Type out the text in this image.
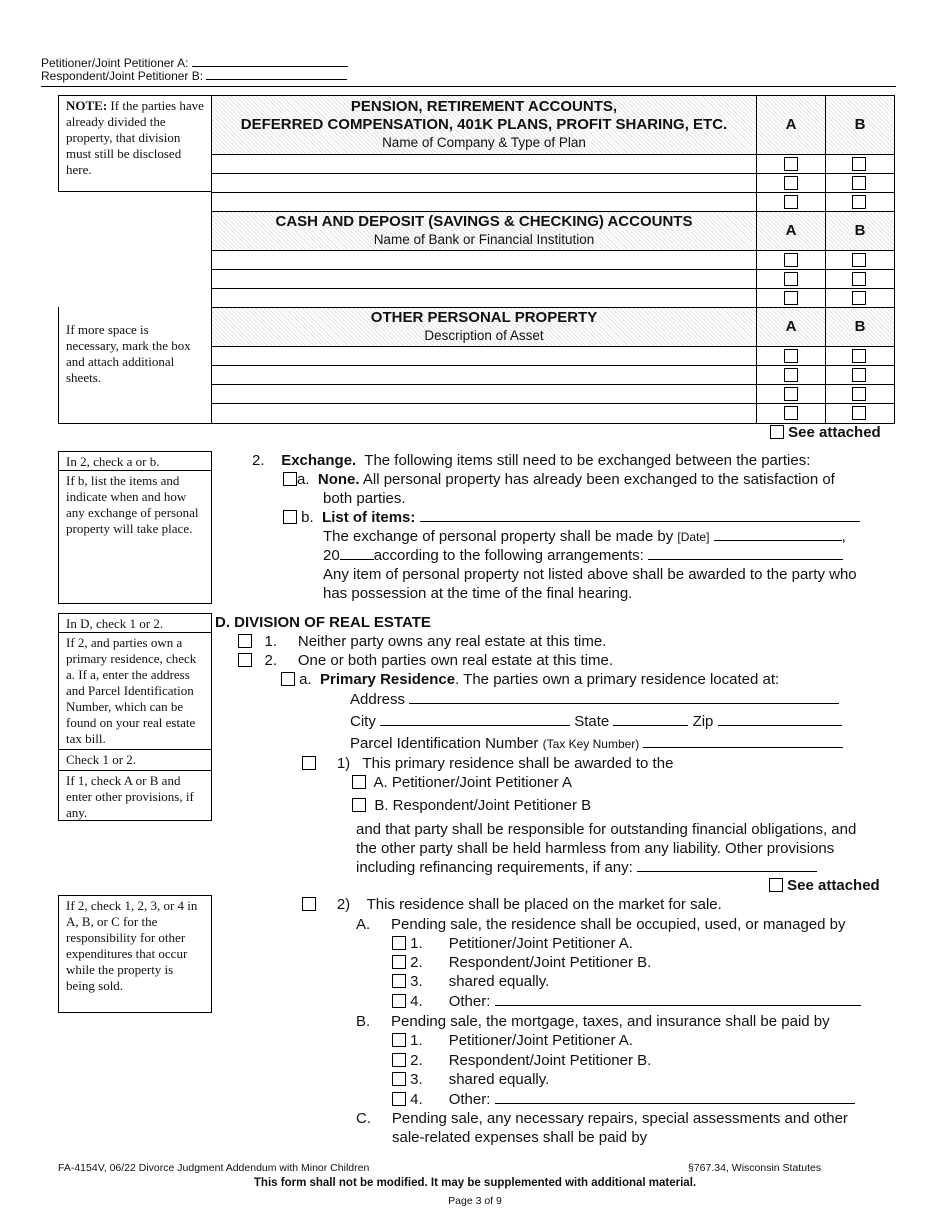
Petitioner/Joint Petitioner A:
Respondent/Joint Petitioner B:
NOTE: If the parties have already divided the property, that division must still be disclosed here.
PENSION, RETIREMENT ACCOUNTS,
DEFERRED COMPENSATION, 401K PLANS, PROFIT SHARING, ETC.
Name of Company & Type of Plan
A	B
CASH AND DEPOSIT (SAVINGS & CHECKING) ACCOUNTS
Name of Bank or Financial Institution
A	B
OTHER PERSONAL PROPERTY
Description of Asset
A	B
If more space is necessary, mark the box and attach additional sheets.
See attached
In 2, check a or b.
If b, list the items and indicate when and how any exchange of personal property will take place.
2. Exchange. The following items still need to be exchanged between the parties:
a. None. All personal property has already been exchanged to the satisfaction of
both parties.
b. List of items:
The exchange of personal property shall be made by [Date]	,
20 according to the following arrangements:
Any item of personal property not listed above shall be awarded to the party who
has possession at the time of the final hearing.
In D, check 1 or 2.
If 2, and parties own a primary residence, check a. If a, enter the address and Parcel Identification Number, which can be found on your real estate tax bill.
Check 1 or 2.
If 1, check A or B and enter other provisions, if any.
D. DIVISION OF REAL ESTATE
1. Neither party owns any real estate at this time.
2. One or both parties own real estate at this time.
a. Primary Residence. The parties own a primary residence located at:
Address
City	State	Zip
Parcel Identification Number (Tax Key Number)
1) This primary residence shall be awarded to the
A. Petitioner/Joint Petitioner A
B. Respondent/Joint Petitioner B
and that party shall be responsible for outstanding financial obligations, and
the other party shall be held harmless from any liability. Other provisions
including refinancing requirements, if any:
See attached
If 2, check 1, 2, 3, or 4 in A, B, or C for the responsibility for other expenditures that occur while the property is being sold.
2) This residence shall be placed on the market for sale.
A. Pending sale, the residence shall be occupied, used, or managed by
1. Petitioner/Joint Petitioner A.
2. Respondent/Joint Petitioner B.
3. shared equally.
4. Other:
B. Pending sale, the mortgage, taxes, and insurance shall be paid by
1. Petitioner/Joint Petitioner A.
2. Respondent/Joint Petitioner B.
3. shared equally.
4. Other:
C. Pending sale, any necessary repairs, special assessments and other
sale-related expenses shall be paid by
FA-4154V, 06/22 Divorce Judgment Addendum with Minor Children	§767.34, Wisconsin Statutes
This form shall not be modified. It may be supplemented with additional material.
Page 3 of 9
